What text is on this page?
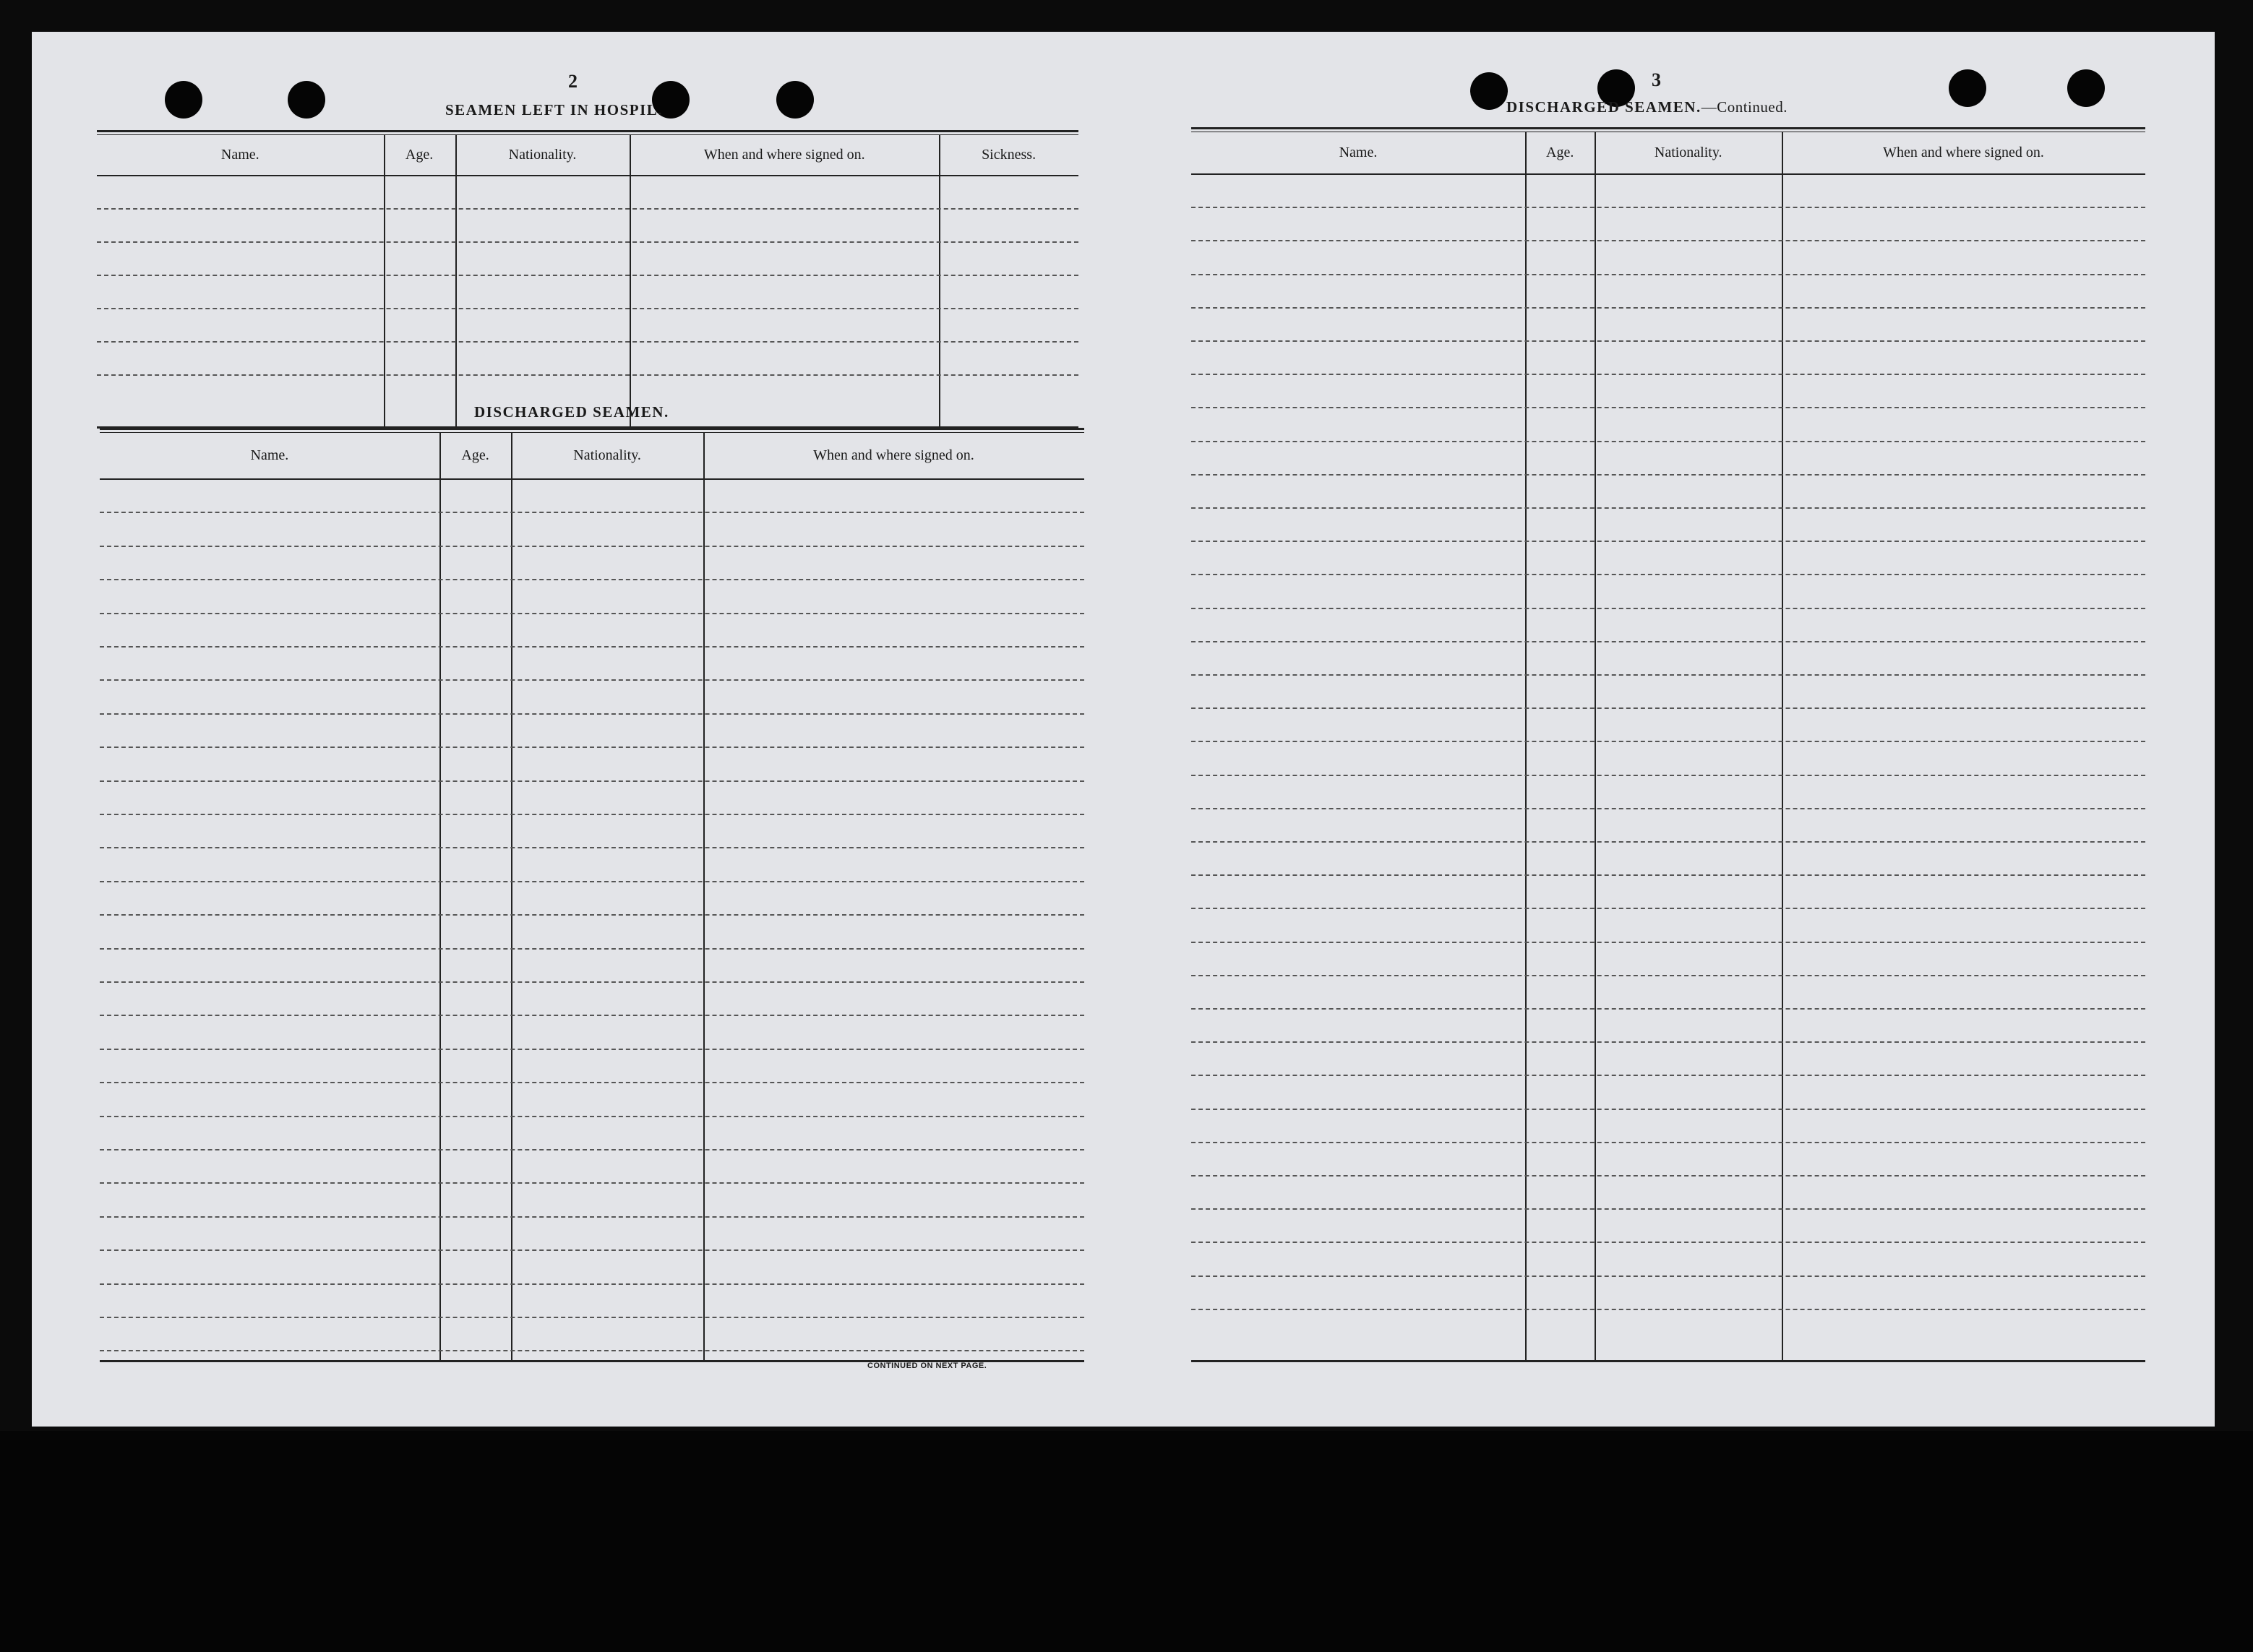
2
SEAMEN LEFT IN HOSPIL.
Name.	Age.	Nationality.	When and where signed on.	Sickness.
DISCHARGED SEAMEN.
Name.	Age.	Nationality.	When and where signed on.
CONTINUED ON NEXT PAGE.
3
DISCHARGED SEAMEN.—Continued.
Name.	Age.	Nationality.	When and where signed on.
